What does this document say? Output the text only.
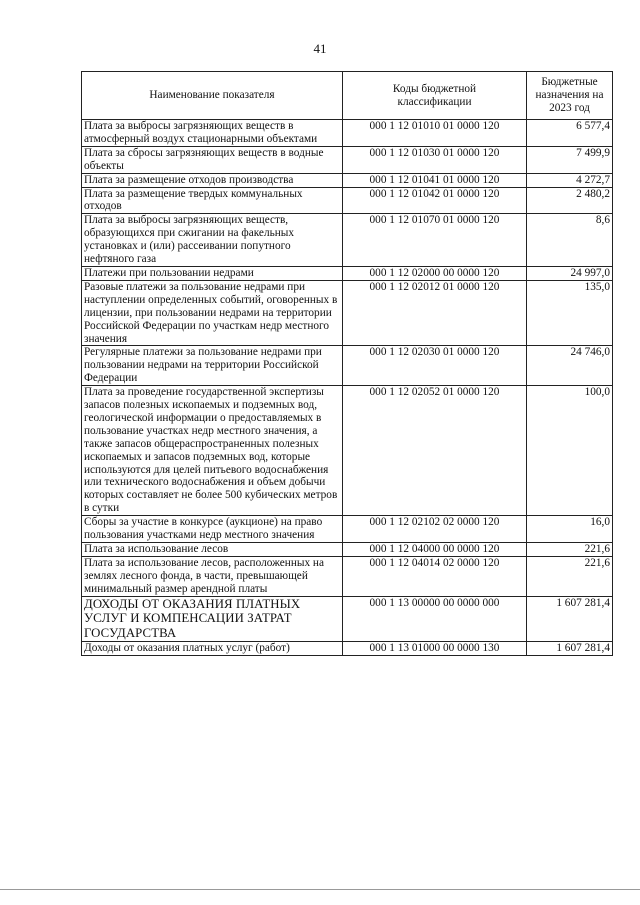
41
Наименование показателя	Коды бюджетной классификации	Бюджетные назначения на 2023 год
Плата за выбросы загрязняющих веществ в атмосферный воздух стационарными объектами	000 1 12 01010 01 0000 120	6 577,4
Плата за сбросы загрязняющих веществ в водные объекты	000 1 12 01030 01 0000 120	7 499,9
Плата за размещение отходов производства	000 1 12 01041 01 0000 120	4 272,7
Плата за размещение твердых коммунальных отходов	000 1 12 01042 01 0000 120	2 480,2
Плата за выбросы загрязняющих веществ, образующихся при сжигании на факельных установках и (или) рассеивании попутного нефтяного газа	000 1 12 01070 01 0000 120	8,6
Платежи при пользовании недрами	000 1 12 02000 00 0000 120	24 997,0
Разовые платежи за пользование недрами при наступлении определенных событий, оговоренных в лицензии, при пользовании недрами на территории Российской Федерации по участкам недр местного значения	000 1 12 02012 01 0000 120	135,0
Регулярные платежи за пользование недрами при пользовании недрами на территории Российской Федерации	000 1 12 02030 01 0000 120	24 746,0
Плата за проведение государственной экспертизы запасов полезных ископаемых и подземных вод, геологической информации о предоставляемых в пользование участках недр местного значения, а также запасов общераспространенных полезных ископаемых и запасов подземных вод, которые используются для целей питьевого водоснабжения или технического водоснабжения и объем добычи которых составляет не более 500 кубических метров в сутки	000 1 12 02052 01 0000 120	100,0
Сборы за участие в конкурсе (аукционе) на право пользования участками недр местного значения	000 1 12 02102 02 0000 120	16,0
Плата за использование лесов	000 1 12 04000 00 0000 120	221,6
Плата за использование лесов, расположенных на землях лесного фонда, в части, превышающей минимальный размер арендной платы	000 1 12 04014 02 0000 120	221,6
ДОХОДЫ ОТ ОКАЗАНИЯ ПЛАТНЫХ УСЛУГ И КОМПЕНСАЦИИ ЗАТРАТ ГОСУДАРСТВА	000 1 13 00000 00 0000 000	1 607 281,4
Доходы от оказания платных услуг (работ)	000 1 13 01000 00 0000 130	1 607 281,4
